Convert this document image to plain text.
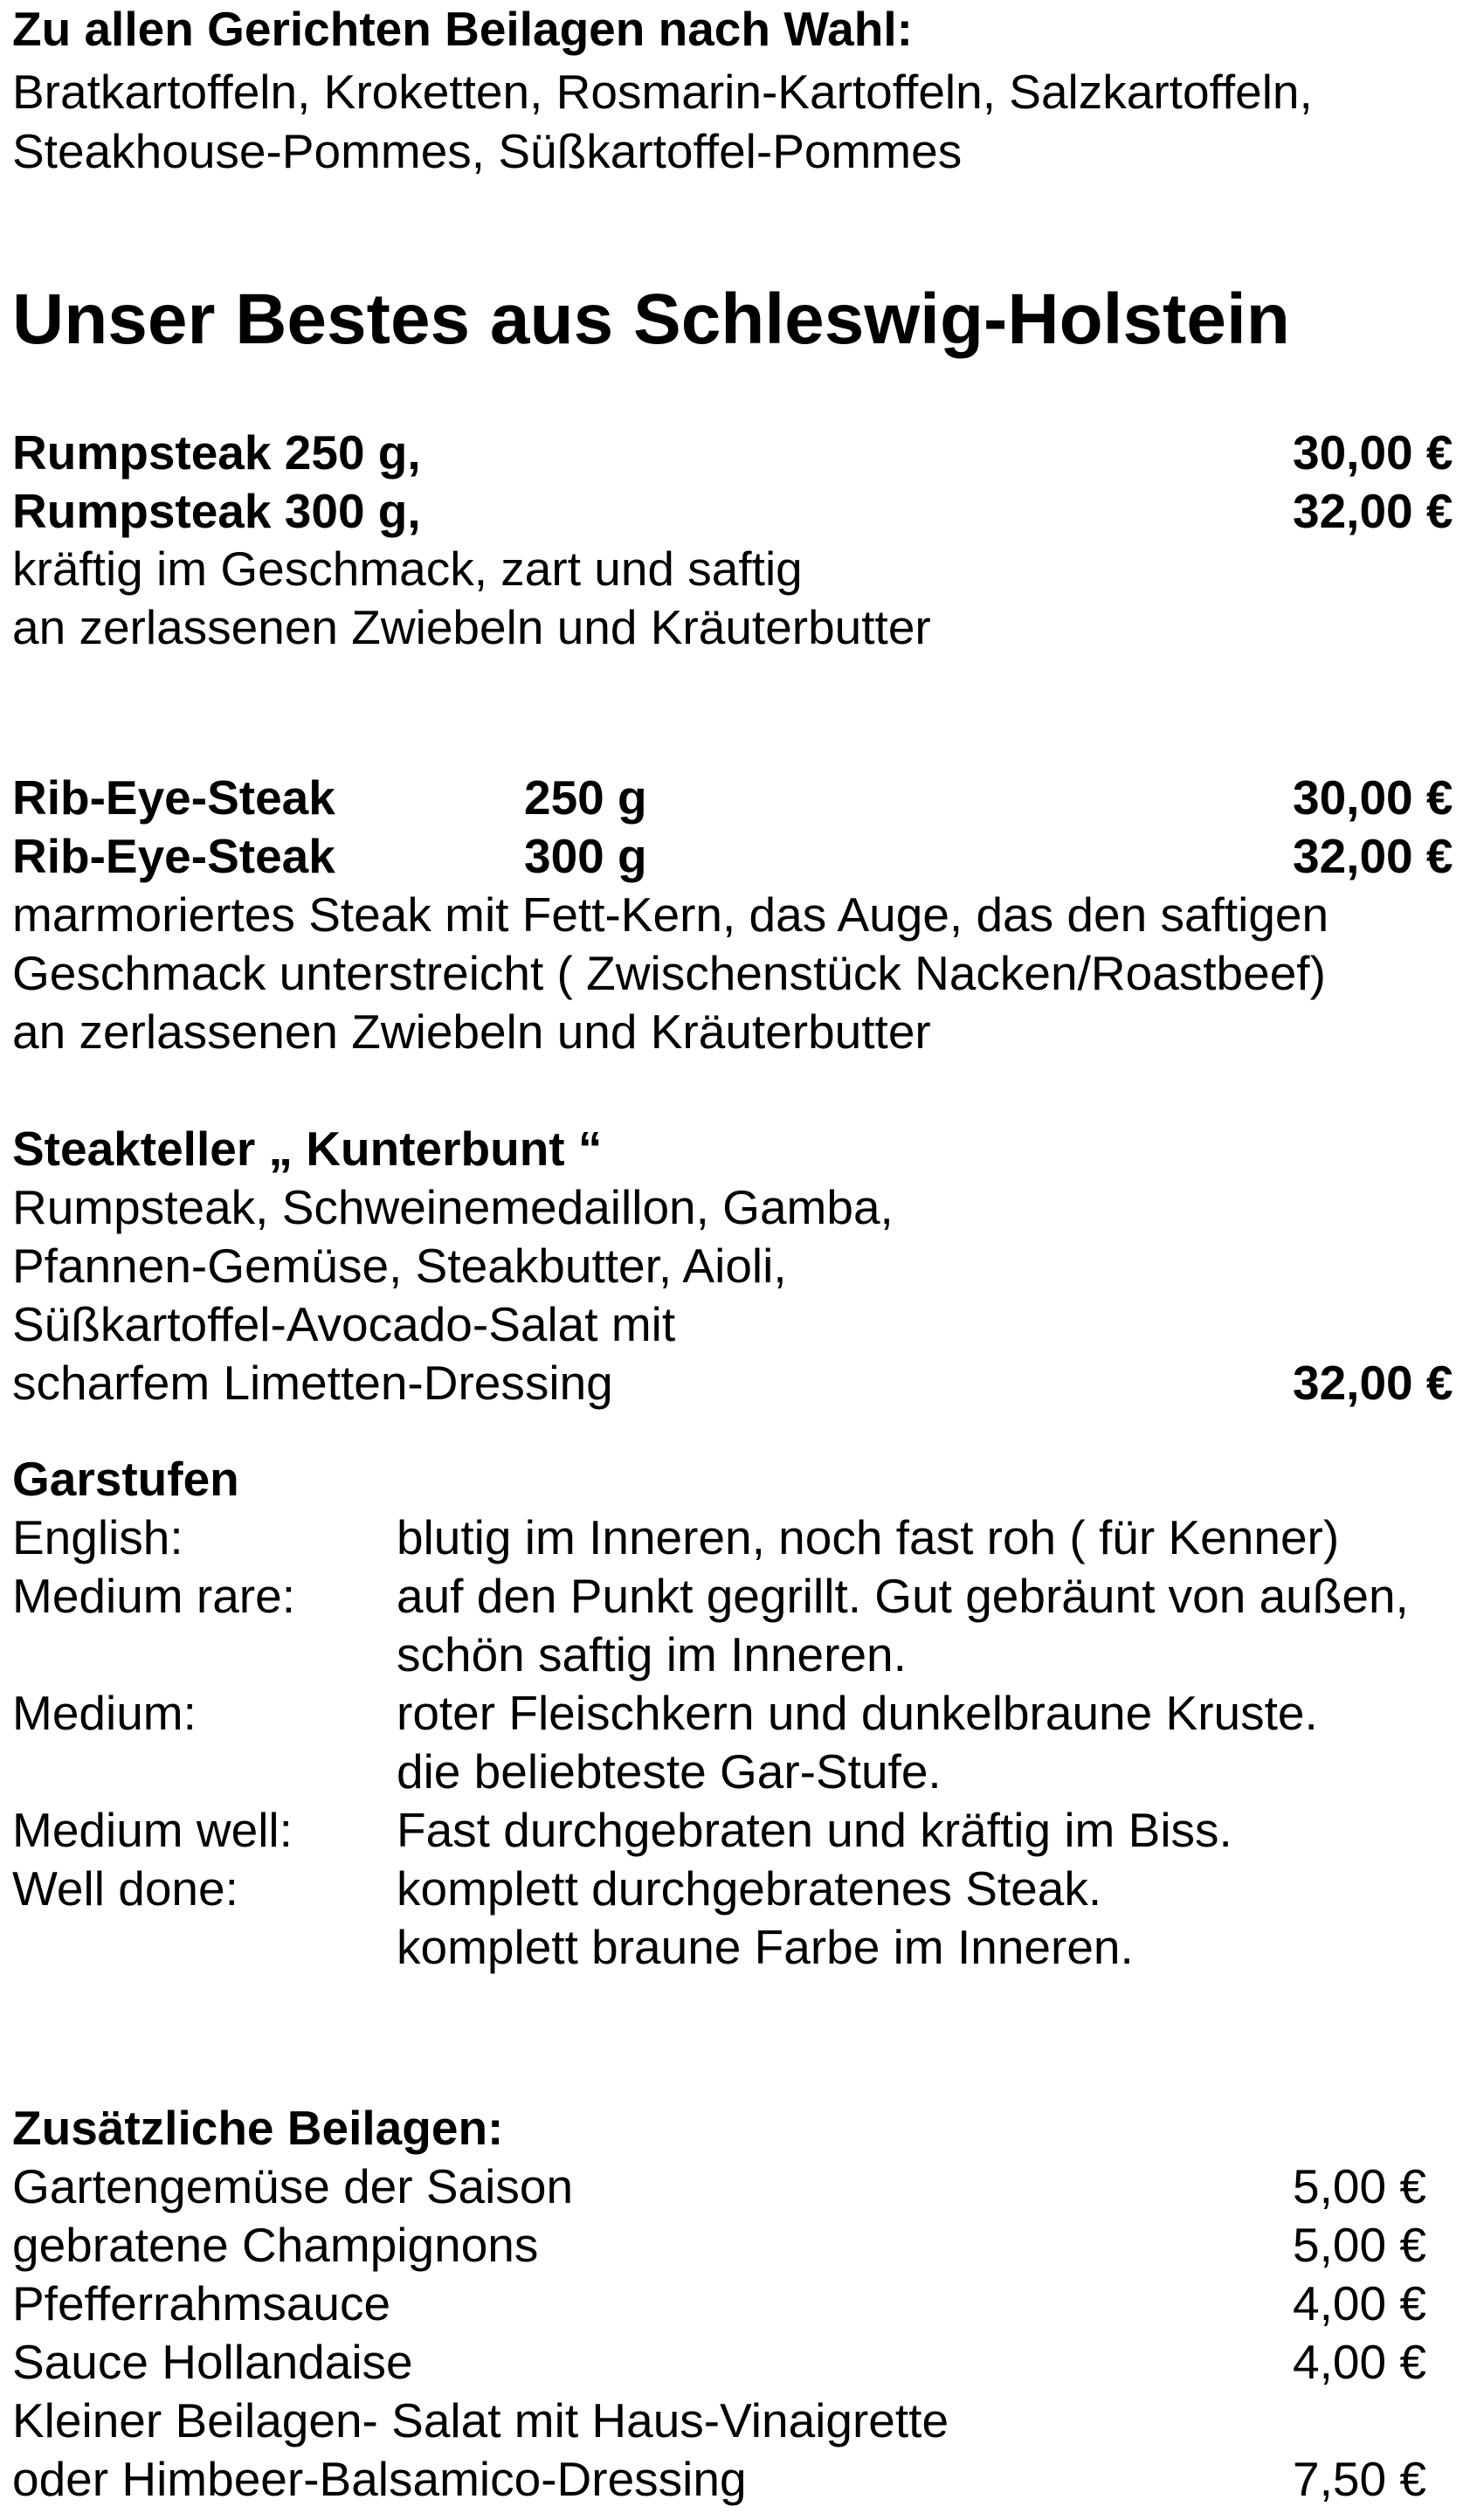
Zu allen Gerichten Beilagen nach Wahl:
Bratkartoffeln, Kroketten, Rosmarin-Kartoffeln, Salzkartoffeln,
Steakhouse-Pommes, Süßkartoffel-Pommes
Unser Bestes aus Schleswig-Holstein
Rumpsteak 250 g,	30,00 €
Rumpsteak 300 g,	32,00 €
kräftig im Geschmack, zart und saftig
an zerlassenen Zwiebeln und Kräuterbutter
Rib-Eye-Steak	250 g	30,00 €
Rib-Eye-Steak	300 g	32,00 €
marmoriertes Steak mit Fett-Kern, das Auge, das den saftigen
Geschmack unterstreicht ( Zwischenstück Nacken/Roastbeef)
an zerlassenen Zwiebeln und Kräuterbutter
Steakteller „ Kunterbunt “
Rumpsteak, Schweinemedaillon, Gamba,
Pfannen-Gemüse, Steakbutter, Aioli,
Süßkartoffel-Avocado-Salat mit
scharfem Limetten-Dressing	32,00 €
Garstufen
English:	blutig im Inneren, noch fast roh ( für Kenner)
Medium rare: auf den Punkt gegrillt. Gut gebräunt von außen,
schön saftig im Inneren.
Medium:	roter Fleischkern und dunkelbraune Kruste.
die beliebteste Gar-Stufe.
Medium well: Fast durchgebraten und kräftig im Biss.
Well done:	komplett durchgebratenes Steak.
komplett braune Farbe im Inneren.
Zusätzliche Beilagen:
Gartengemüse der Saison	5,00 €
gebratene Champignons	5,00 €
Pfefferrahmsauce	4,00 €
Sauce Hollandaise	4,00 €
Kleiner Beilagen- Salat mit Haus-Vinaigrette
oder Himbeer-Balsamico-Dressing	7,50 €
